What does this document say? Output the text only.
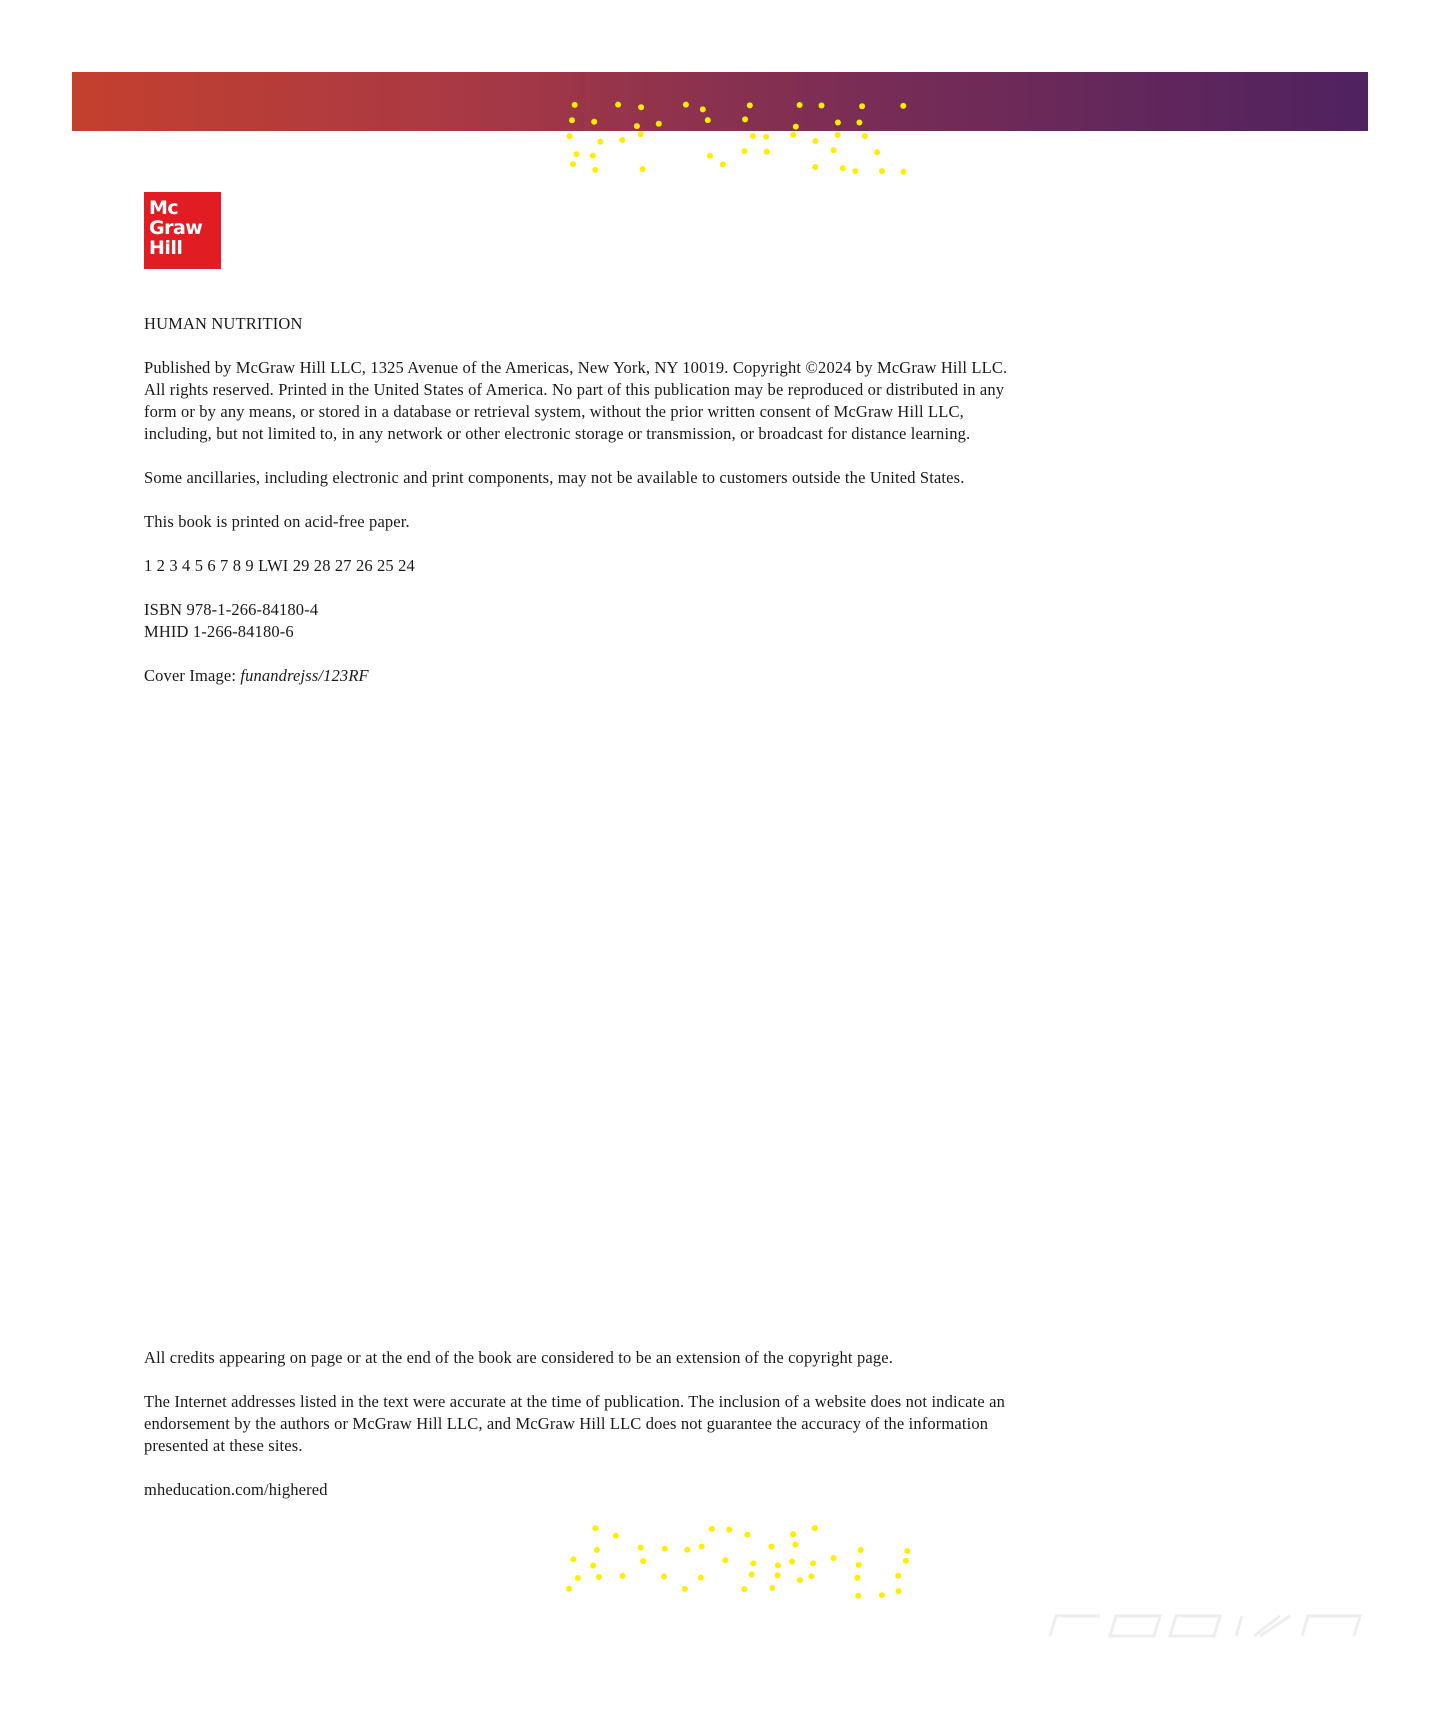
Mc
Graw
Hill

HUMAN NUTRITION

Published by McGraw Hill LLC, 1325 Avenue of the Americas, New York, NY 10019. Copyright ©2024 by McGraw Hill LLC. All rights reserved. Printed in the United States of America. No part of this publication may be reproduced or distributed in any form or by any means, or stored in a database or retrieval system, without the prior written consent of McGraw Hill LLC, including, but not limited to, in any network or other electronic storage or transmission, or broadcast for distance learning.

Some ancillaries, including electronic and print components, may not be available to customers outside the United States.

This book is printed on acid-free paper.

1 2 3 4 5 6 7 8 9 LWI 29 28 27 26 25 24

ISBN 978-1-266-84180-4
MHID 1-266-84180-6

Cover Image: funandrejss/123RF

All credits appearing on page or at the end of the book are considered to be an extension of the copyright page.

The Internet addresses listed in the text were accurate at the time of publication. The inclusion of a website does not indicate an endorsement by the authors or McGraw Hill LLC, and McGraw Hill LLC does not guarantee the accuracy of the information presented at these sites.

mheducation.com/highered
